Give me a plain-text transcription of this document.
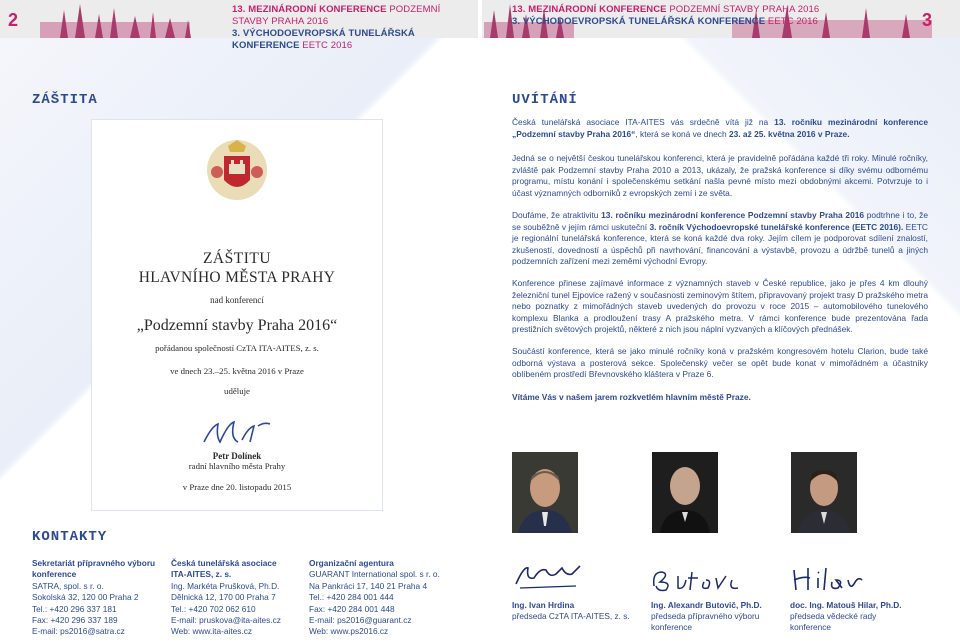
2
13. MEZINÁRODNÍ KONFERENCE PODZEMNÍ STAVBY PRAHA 2016
3. VÝCHODOEVROPSKÁ TUNELÁŘSKÁ KONFERENCE EETC 2016
13. MEZINÁRODNÍ KONFERENCE PODZEMNÍ STAVBY PRAHA 2016
3. VÝCHODOEVROPSKÁ TUNELÁŘSKÁ KONFERENCE EETC 2016	3
ZÁŠTITA	UVÍTÁNÍ
ZÁŠTITU
HLAVNÍHO MĚSTA PRAHY
nad konferencí
„Podzemní stavby Praha 2016“
pořádanou společností CzTA ITA-AITES, z. s.
ve dnech 23.–25. května 2016 v Praze
uděluje
Petr Dolínek
radní hlavního města Prahy
v Praze dne 20. listopadu 2015
Česká tunelářská asociace ITA-AITES vás srdečně vítá již na 13. ročníku mezinárodní konference „Podzemní stavby Praha 2016“, která se koná ve dnech 23. až 25. května 2016 v Praze.
Jedná se o největší českou tunelářskou konferenci, která je pravidelně pořádána každé tři roky. Minulé ročníky, zvláště pak Podzemní stavby Praha 2010 a 2013, ukázaly, že pražská konference si díky svému odbornému programu, místu konání i společenskému setkání našla pevné místo mezi obdobnými akcemi. Potvrzuje to i účast významných odborníků z evropských zemí i ze světa.
Doufáme, že atraktivitu 13. ročníku mezinárodní konference Podzemní stavby Praha 2016 podtrhne i to, že se souběžně v jejím rámci uskuteční 3. ročník Východoevropské tunelářské konference (EETC 2016). EETC je regionální tunelářská konference, která se koná každé dva roky. Jejím cílem je podporovat sdílení znalostí, zkušeností, dovedností a úspěchů při navrhování, financování a výstavbě, provozu a údržbě tunelů a jiných podzemních zařízení mezi zeměmi východní Evropy.
Konference přinese zajímavé informace z významných staveb v České republice, jako je přes 4 km dlouhý železniční tunel Ejpovice ražený v současnosti zeminovým štítem, připravovaný projekt trasy D pražského metra nebo poznatky z mimořádných staveb uvedených do provozu v roce 2015 – automobilového tunelového komplexu Blanka a prodloužení trasy A pražského metra. V rámci konference bude prezentována řada prestižních světových projektů, některé z nich jsou náplní vyzvaných a klíčových přednášek.
Součástí konference, která se jako minulé ročníky koná v pražském kongresovém hotelu Clarion, bude také odborná výstava a posterová sekce. Společenský večer se opět bude konat v mimořádném a účastníky oblíbeném prostředí Břevnovského kláštera v Praze 6.
Vítáme Vás v našem jarem rozkvetlém hlavním městě Praze.
KONTAKTY
Sekretariát přípravného výboru
konference
SATRA, spol. s r. o.
Sokolská 32, 120 00 Praha 2
Tel.: +420 296 337 181
Fax: +420 296 337 189
E-mail: ps2016@satra.cz
Česká tunelářská asociace
ITA-AITES, z. s.
Ing. Markéta Prušková, Ph.D.
Dělnická 12, 170 00 Praha 7
Tel.: +420 702 062 610
E-mail: pruskova@ita-aites.cz
Web: www.ita-aites.cz
Organizační agentura
GUARANT International spol. s r. o.
Na Pankráci 17, 140 21 Praha 4
Tel.: +420 284 001 444
Fax: +420 284 001 448
E-mail: ps2016@guarant.cz
Web: www.ps2016.cz
Ing. Ivan Hrdina
předseda CzTA ITA-AITES, z. s.
Ing. Alexandr Butovič, Ph.D.
předseda přípravného výboru
konference
doc. Ing. Matouš Hilar, Ph.D.
předseda vědecké rady
konference
